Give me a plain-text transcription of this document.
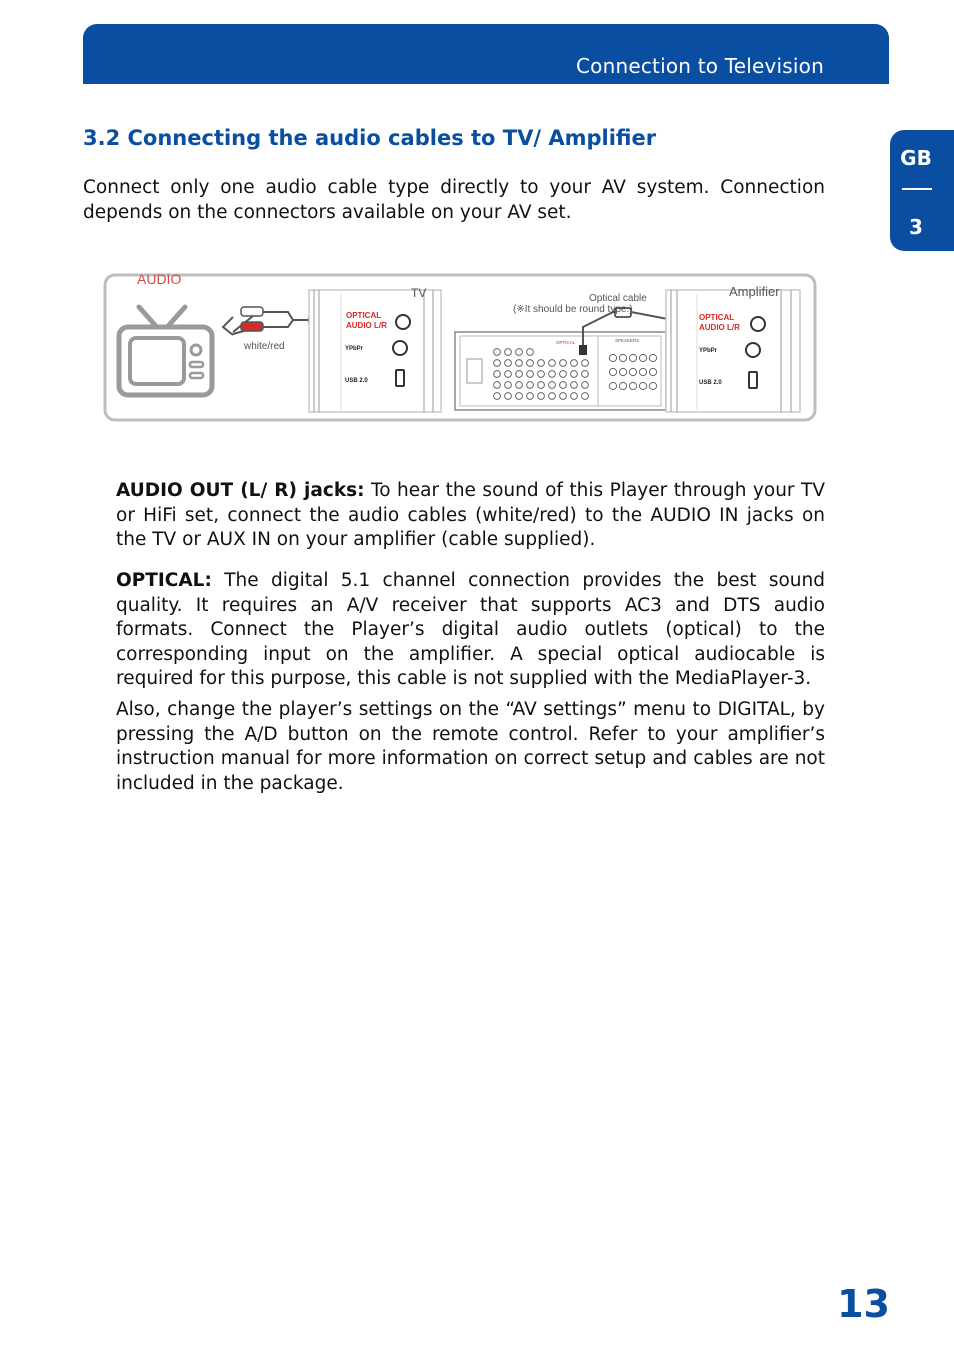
Connection to Television
GB
3
3.2 Connecting the audio cables to TV/ Amplifier

Connect only one audio cable type directly to your AV system. Connection depends on the connectors available on your AV set.

AUDIO
white/red
TV
OPTICAL
AUDIO L/R
YPbPr
USB 2.0
OPTICAL	SPEAKERS
Optical cable
(※It should be round type.)
Amplifier
OPTICAL
AUDIO L/R
YPbPr
USB 2.0

AUDIO OUT (L/ R) jacks: To hear the sound of this Player through your TV or HiFi set, connect the audio cables (white/red) to the AUDIO IN jacks on the TV or AUX IN on your amplifier (cable supplied).

OPTICAL: The digital 5.1 channel connection provides the best sound quality. It requires an A/V receiver that supports AC3 and DTS audio formats. Connect the Player’s digital audio outlets (optical) to the corresponding input on the amplifier. A special optical audiocable is required for this purpose, this cable is not supplied with the MediaPlayer-3.

Also, change the player’s settings on the “AV settings” menu to DIGITAL, by pressing the A/D button on the remote control. Refer to your amplifier’s instruction manual for more information on correct setup and cables are not included in the package.

13
